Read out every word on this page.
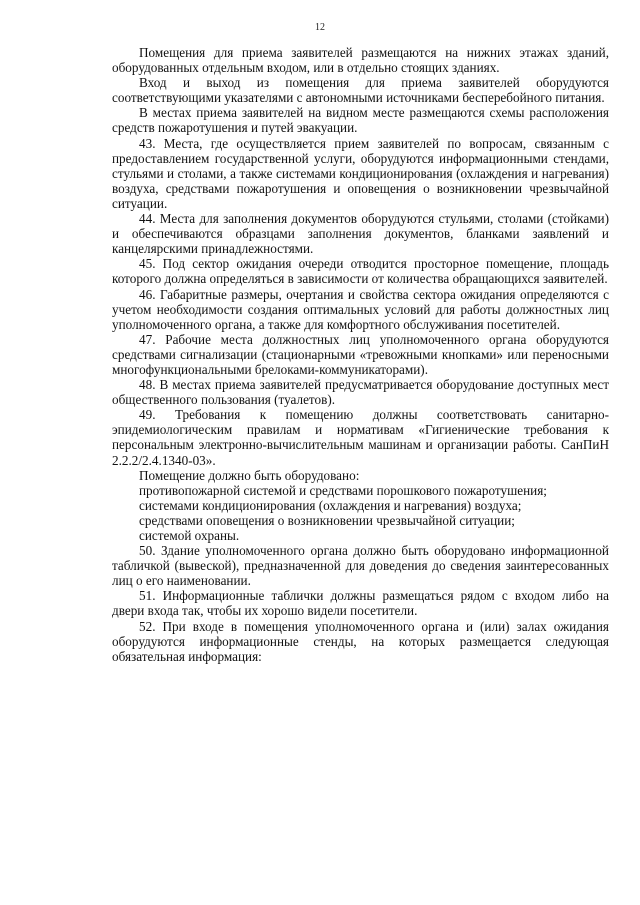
12

Помещения для приема заявителей размещаются на нижних этажах зданий, оборудованных отдельным входом, или в отдельно стоящих зданиях.

Вход и выход из помещения для приема заявителей оборудуются соответствующими указателями с автономными источниками бесперебойного питания.

В местах приема заявителей на видном месте размещаются схемы расположения средств пожаротушения и путей эвакуации.

43. Места, где осуществляется прием заявителей по вопросам, связанным с предоставлением государственной услуги, оборудуются информационными стендами, стульями и столами, а также системами кондиционирования (охлаждения и нагревания) воздуха, средствами пожаротушения и оповещения о возникновении чрезвычайной ситуации.

44. Места для заполнения документов оборудуются стульями, столами (стойками) и обеспечиваются образцами заполнения документов, бланками заявлений и канцелярскими принадлежностями.

45. Под сектор ожидания очереди отводится просторное помещение, площадь которого должна определяться в зависимости от количества обращающихся заявителей.

46. Габаритные размеры, очертания и свойства сектора ожидания определяются с учетом необходимости создания оптимальных условий для работы должностных лиц уполномоченного органа, а также для комфортного обслуживания посетителей.

47. Рабочие места должностных лиц уполномоченного органа оборудуются средствами сигнализации (стационарными «тревожными кнопками» или переносными многофункциональными брелоками-коммуникаторами).

48. В местах приема заявителей предусматривается оборудование доступных мест общественного пользования (туалетов).

49. Требования к помещению должны соответствовать санитарно-эпидемиологическим правилам и нормативам «Гигиенические требования к персональным электронно-вычислительным машинам и организации работы. СанПиН 2.2.2/2.4.1340-03».

Помещение должно быть оборудовано:

противопожарной системой и средствами порошкового пожаротушения;

системами кондиционирования (охлаждения и нагревания) воздуха;

средствами оповещения о возникновении чрезвычайной ситуации;

системой охраны.

50. Здание уполномоченного органа должно быть оборудовано информационной табличкой (вывеской), предназначенной для доведения до сведения заинтересованных лиц о его наименовании.

51. Информационные таблички должны размещаться рядом с входом либо на двери входа так, чтобы их хорошо видели посетители.

52. При входе в помещения уполномоченного органа и (или) залах ожидания оборудуются информационные стенды, на которых размещается следующая обязательная информация:
